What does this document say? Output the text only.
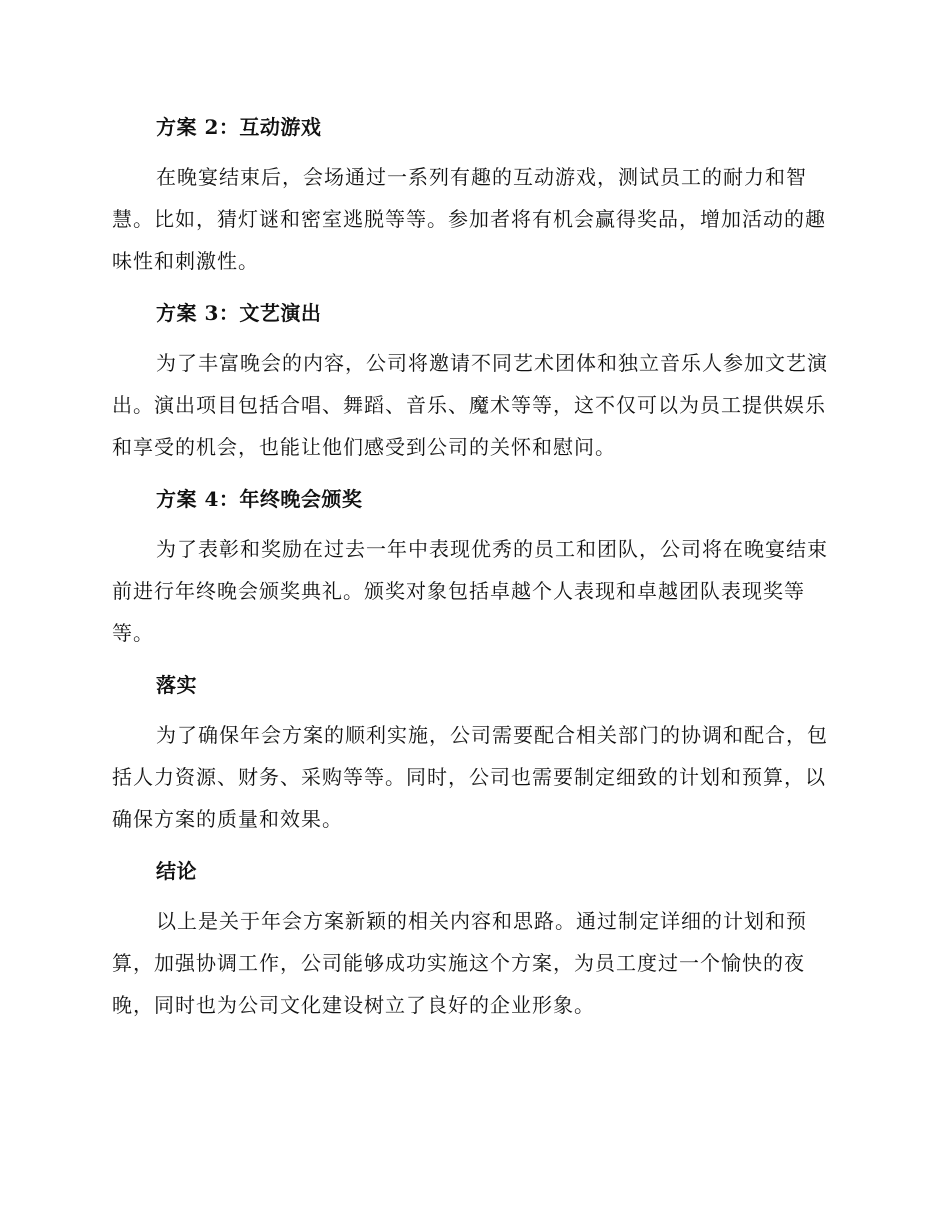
方案 2：互动游戏

在晚宴结束后，会场通过一系列有趣的互动游戏，测试员工的耐力和智慧。比如，猜灯谜和密室逃脱等等。参加者将有机会赢得奖品，增加活动的趣味性和刺激性。

方案 3：文艺演出

为了丰富晚会的内容，公司将邀请不同艺术团体和独立音乐人参加文艺演出。演出项目包括合唱、舞蹈、音乐、魔术等等，这不仅可以为员工提供娱乐和享受的机会，也能让他们感受到公司的关怀和慰问。

方案 4：年终晚会颁奖

为了表彰和奖励在过去一年中表现优秀的员工和团队，公司将在晚宴结束前进行年终晚会颁奖典礼。颁奖对象包括卓越个人表现和卓越团队表现奖等等。

落实

为了确保年会方案的顺利实施，公司需要配合相关部门的协调和配合，包括人力资源、财务、采购等等。同时，公司也需要制定细致的计划和预算，以确保方案的质量和效果。

结论

以上是关于年会方案新颖的相关内容和思路。通过制定详细的计划和预算，加强协调工作，公司能够成功实施这个方案，为员工度过一个愉快的夜晚，同时也为公司文化建设树立了良好的企业形象。
